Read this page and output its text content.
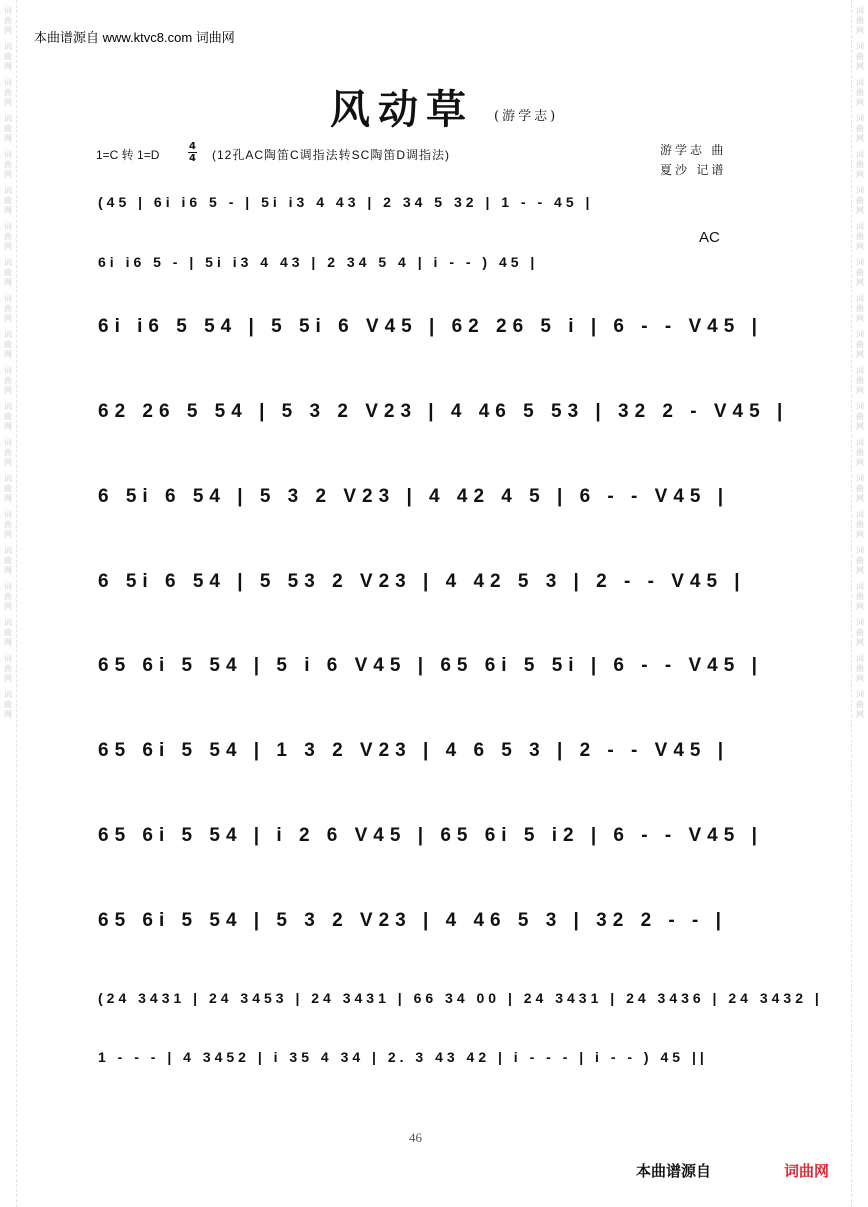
词
曲
网
词
曲
网
词
曲
网
词
曲
网
词
曲
网
词
曲
网
词
曲
网
词
曲
网
词
曲
网
词
曲
网
词
曲
网
词
曲
网
词
曲
网
词
曲
网
词
曲
网
词
曲
网
词
曲
网
词
曲
网
词
曲
网
词
曲
网
词
曲
网
词
曲
网
词
曲
网
词
曲
网
词
曲
网
词
曲
网
词
曲
网
词
曲
网
词
曲
网
词
曲
网
词
曲
网
词
曲
网
词
曲
网
词
曲
网
词
曲
网
词
曲
网
词
曲
网
词
曲
网
词
曲
网
词
曲
网
本曲谱源自 www.ktvc8.com 词曲网
风动草 (游学志)
1=C 转 1=D
4
4 (12孔AC陶笛C调指法转SC陶笛D调指法)	游学志 曲
夏沙 记谱
AC
(45 | 6i i6 5 - | 5i i3 4 43 | 2 34 5 32 | 1 - - 45 |
6i i6 5 - | 5i i3 4 43 | 2 34 5 4 | i - - ) 45 |
6i i6 5 54 | 5 5i 6 V45 | 62 26 5 i | 6 - - V45 |
62 26 5 54 | 5 3 2 V23 | 4 46 5 53 | 32 2 - V45 |
6 5i 6 54 | 5 3 2 V23 | 4 42 4 5 | 6 - - V45 |
6 5i 6 54 | 5 53 2 V23 | 4 42 5 3 | 2 - - V45 |
65 6i 5 54 | 5 i 6 V45 | 65 6i 5 5i | 6 - - V45 |
65 6i 5 54 | 1 3 2 V23 | 4 6 5 3 | 2 - - V45 |
65 6i 5 54 | i 2 6 V45 | 65 6i 5 i2 | 6 - - V45 |
65 6i 5 54 | 5 3 2 V23 | 4 46 5 3 | 32 2 - - |
(24 3431 | 24 3453 | 24 3431 | 66 34 00 | 24 3431 | 24 3436 | 24 3432 |
1 - - - | 4 3452 | i 35 4 34 | 2. 3 43 42 | i - - - | i - - ) 45 ||
46
本曲谱源自	词曲网
